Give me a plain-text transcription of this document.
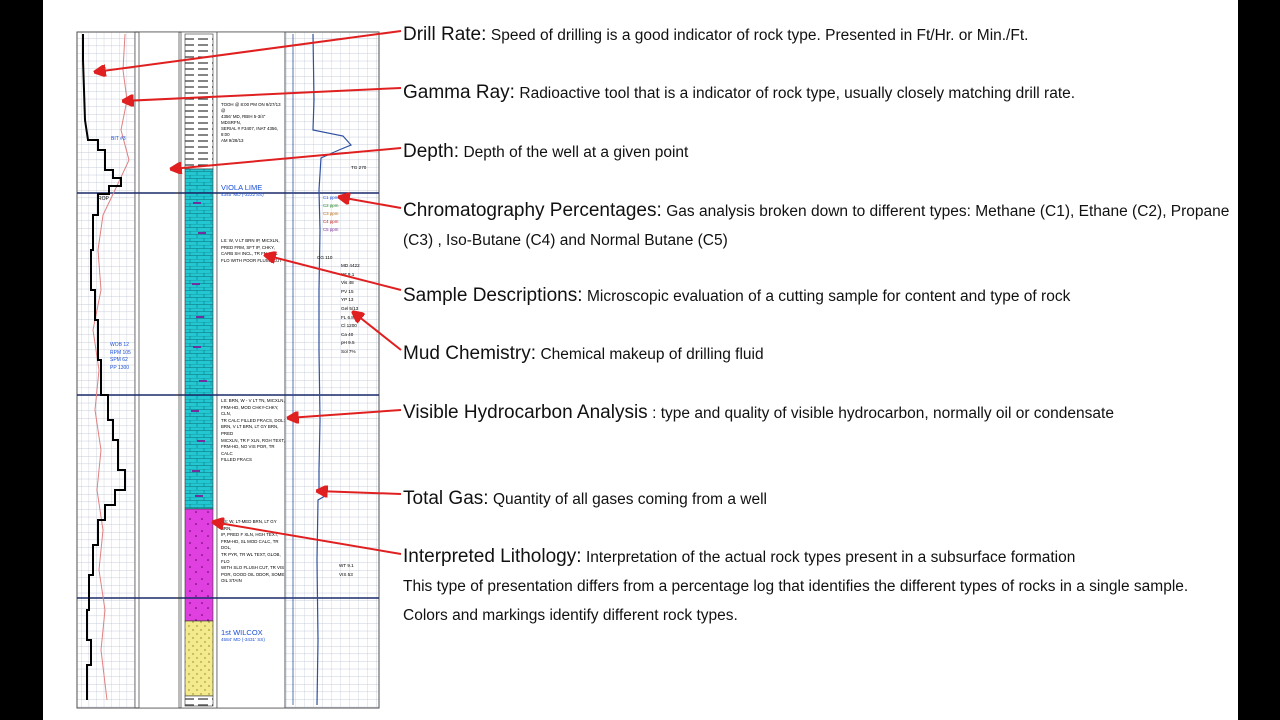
TOOH @ 8:00 PM ON 9/27/13 @
4356' MD, RBIH 5-3/4" MDSRFN,
SERIAL # F3407, INAT 4356, 8:00
AM 9/28/13
VIOLA LIME
4345' MD (-3222'SS)
LS: W, V LT BRN IP, MICXLN,
PRED FRM, SFT IP, CHKY,
CARB SH INCL, TR FN, YEL
FLO WITH POOR FLUSH CUT
LS: BRN, W - V LT TN, MICXLN,
FRM-HD, MOD CHKY-CHKY, CLN,
TR CALC FILLED FRACS, DOL:
BRN, V LT BRN, LT GY BRN, PRED
MICXLN, TR F XLN, RGH TEXT,
FRM-HD, NO VIS POR, TR CALC
FILLED FRACS
SS: W, LT-MED BRN, LT GY BRN,
IP, PRED F XLN, HGH TEXT,
FRM-HD, SL MOD CALC, TR DOL,
TR PYR, TR WL TEXT, GLOB, FLO
WITH SLO FLUSH CUT, TR VIS
POR, GOOD OIL ODOR, SOME
OIL STAIN
1st WILCOX
4584' MD (-3431' SS)
BIT #3
ROP
WOB 12
RPM 105
SPM 62
PP 1300
TG 270
C1 ppm
C2 ppm
C3 ppm
C4 ppm
C5 ppm
CG 110
MD 4422
Wt 9.1
Vis 48
PV 15
YP 13
Gel 5/13
FL 6.8
Cl 1200
Ca 40
pH 9.5
Sol 7%
WT 9.1
VIS 53

Drill Rate: Speed of drilling is a good indicator of rock type. Presented in Ft/Hr. or Min./Ft.

Gamma Ray: Radioactive tool that is a indicator of rock type, usually closely matching drill rate.

Depth: Depth of the well at a given point

Chromatography Percentages: Gas analysis broken down to different types: Methane (C1), Ethane (C2), Propane (C3) , Iso-Butane (C4) and Normal Butane (C5)

Sample Descriptions: Microscopic evaluation of a cutting sample for content and type of rock

Mud Chemistry: Chemical makeup of drilling fluid

Visible Hydrocarbon Analysis : type and quality of visible hydrocarbon, normally oil or condensate

Total Gas: Quantity of all gases coming from a well

Interpreted Lithology: Interpretation of the actual rock types present in a subsurface formation

This type of presentation differs from a percentage log that identifies the different types of rocks in a single sample. Colors and markings identify different rock types.
